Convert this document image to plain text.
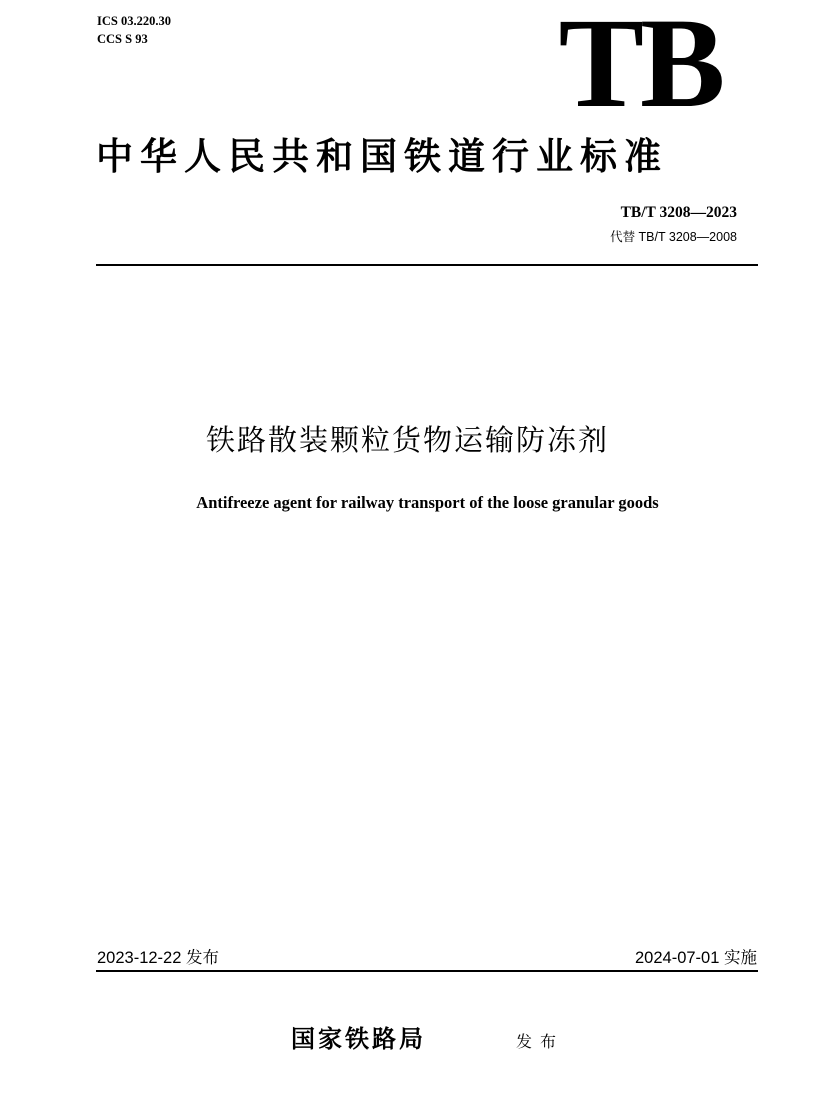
ICS 03.220.30
CCS S 93	TB
中华人民共和国铁道行业标准
TB/T 3208—2023
代替 TB/T 3208—2008
铁路散装颗粒货物运输防冻剂
Antifreeze agent for railway transport of the loose granular goods
2023-12-22 发布	2024-07-01 实施
国家铁路局	发布
